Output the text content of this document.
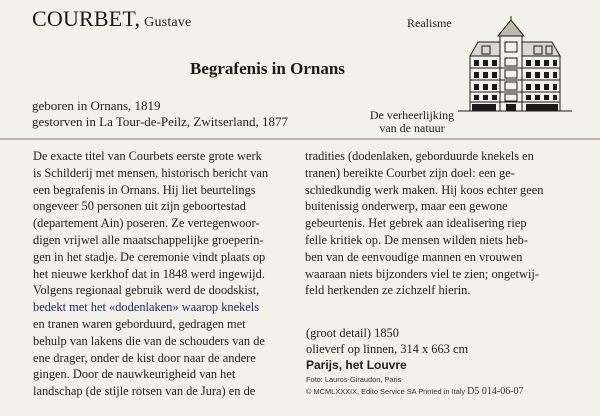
COURBET, Gustave	Realisme
Begrafenis in Ornans
geboren in Ornans, 1819
gestorven in La Tour-de-Peilz, Zwitserland, 1877	De verheerlijking
van de natuur
De exacte titel van Courbets eerste grote werk
is Schilderij met mensen, historisch bericht van
een begrafenis in Ornans. Hij liet beurtelings
ongeveer 50 personen uit zijn geboortestad
(departement Ain) poseren. Ze vertegenwoor-
digen vrijwel alle maatschappelijke groeperin-
gen in het stadje. De ceremonie vindt plaats op
het nieuwe kerkhof dat in 1848 werd ingewijd.
Volgens regionaal gebruik werd de doodskist,
bedekt met het «dodenlaken» waarop knekels
en tranen waren geborduurd, gedragen met
behulp van lakens die van de schouders van de
ene drager, onder de kist door naar de andere
gingen. Door de nauwkeurigheid van het
landschap (de stijle rotsen van de Jura) en de
tradities (dodenlaken, geborduurde knekels en
tranen) bereikte Courbet zijn doel: een ge-
schiedkundig werk maken. Hij koos echter geen
buitenissig onderwerp, maar een gewone
gebeurtenis. Het gebrek aan idealisering riep
felle kritiek op. De mensen wilden niets heb-
ben van de eenvoudige mannen en vrouwen
waaraan niets bijzonders viel te zien; ongetwij-
feld herkenden ze zichzelf hierin.
(groot detail) 1850
olieverf op linnen, 314 x 663 cm
Parijs, het Louvre
Foto: Lauros-Giraudon, Paris
© MCMLXXXIX, Edito Service SA Printed in Italy D5 014-06-07
